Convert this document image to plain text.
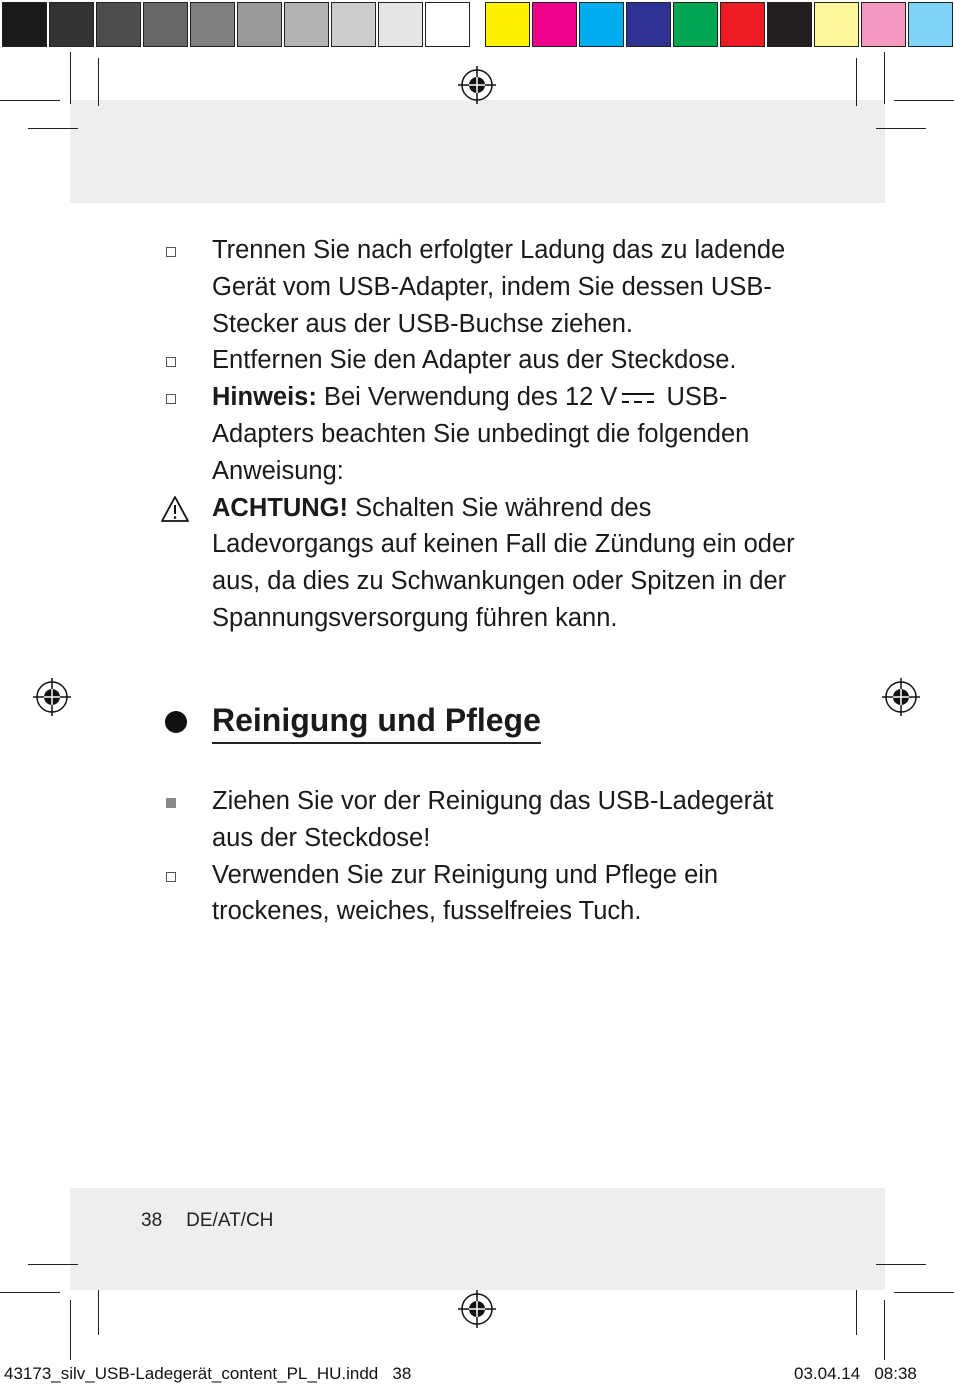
Trennen Sie nach erfolgter Ladung das zu ladende Gerät vom USB-Adapter, indem Sie dessen USB-Stecker aus der USB-Buchse ziehen.
Entfernen Sie den Adapter aus der Steckdose.
Hinweis: Bei Verwendung des 12 V USB-Adapters beachten Sie unbedingt die folgenden Anweisung:
ACHTUNG! Schalten Sie während des Ladevorgangs auf keinen Fall die Zündung ein oder aus, da dies zu Schwankungen oder Spitzen in der Spannungsversorgung führen kann.
Reinigung und Pflege
Ziehen Sie vor der Reinigung das USB-Ladegerät aus der Steckdose!
Verwenden Sie zur Reinigung und Pflege ein trockenes, weiches, fusselfreies Tuch.
38 DE/AT/CH
43173_silv_USB-Ladegerät_content_PL_HU.indd   38	03.04.14   08:38
